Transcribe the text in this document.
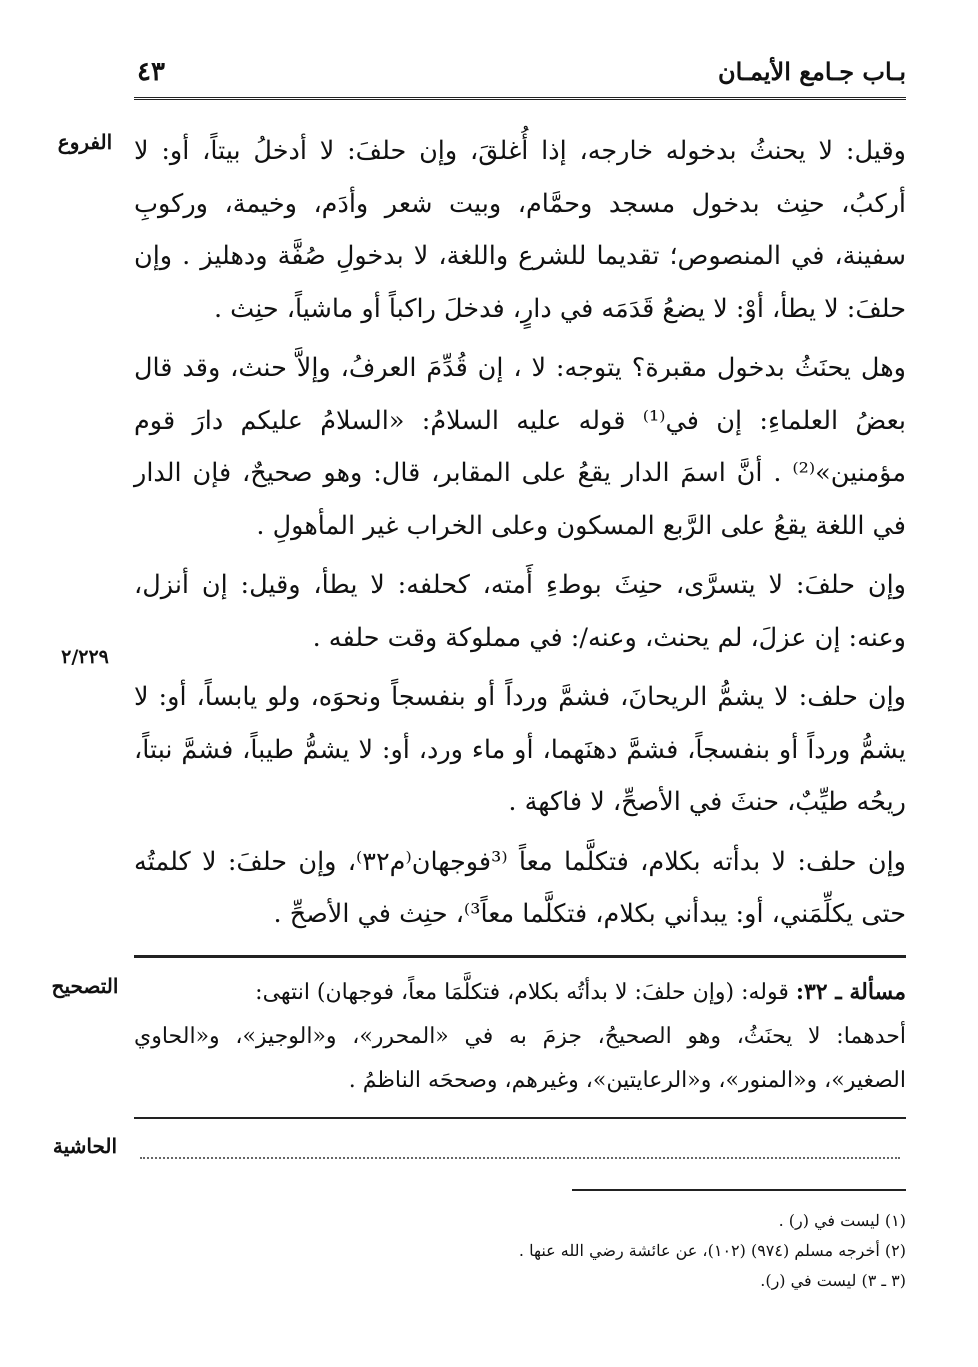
بـاب جـامع الأيمـان
٤٣
الفروع
٢/٢٢٩
التصحيح
الحاشية

وقيل: لا يحنثُ بدخوله خارجه، إذا أُغلقَ، وإن حلفَ: لا أدخلُ بيتاً، أو: لا أركبُ، حنِث بدخول مسجد وحمَّام، وبيت شعر وأدَم، وخيمة، وركوبِ سفينة، في المنصوص؛ تقديما للشرع واللغة، لا بدخولِ صُفَّة ودهليز . وإن حلفَ: لا يطأ، أوْ: لا يضعُ قَدَمَه في دارٍ، فدخلَ راكباً أو ماشياً، حنِث .

وهل يحنَثُ بدخول مقبرة؟ يتوجه: لا ، إن قُدِّمَ العرفُ، وإلاَّ حنث، وقد قال بعضُ العلماءِ: إن في⁽¹⁾ قوله عليه السلامُ: «السلامُ عليكم دارَ قوم مؤمنين»⁽²⁾ . أنَّ اسمَ الدار يقعُ على المقابر، قال: وهو صحيحٌ، فإن الدار في اللغة يقعُ على الرَّبع المسكون وعلى الخراب غير المأهولِ .

وإن حلفَ: لا يتسرَّى، حنِثَ بوطءِ أَمته، كحلفه: لا يطأ، وقيل: إن أنزل، وعنه: إن عزلَ، لم يحنث، وعنه/: في مملوكة وقت حلفه .

وإن حلف: لا يشمُّ الريحانَ، فشمَّ ورداً أو بنفسجاً ونحوَه، ولو يابساً، أو: لا يشمُّ ورداً أو بنفسجاً، فشمَّ دهنَهما، أو ماء ورد، أو: لا يشمُّ طيباً، فشمَّ نبتاً، ريحُه طيِّبٌ، حنثَ في الأصحِّ، لا فاكهة .

وإن حلف: لا بدأته بكلام، فتكلَّما معاً ⁽³فوجهان⁽م٣٢⁾، وإن حلفَ: لا كلمتُه حتى يكلِّمَني، أو: يبدأني بكلام، فتكلَّما معاً³⁾، حنِث في الأصحِّ .

مسألة ـ ٣٢: قوله: (وإن حلفَ: لا بدأتُه بكلام، فتكلَّمَا معاً، فوجهان) انتهى:

أحدهما: لا يحنَثُ، وهو الصحيحُ، جزمَ به في «المحرر»، و«الوجيز»، و«الحاوي الصغير»، و«المنور»، و«الرعايتين»، وغيرهم، وصححَه الناظمُ .

(١) ليست في (ر) .

(٢) أخرجه مسلم (٩٧٤) (١٠٢)، عن عائشة رضي الله عنها .

(٣ ـ ٣) ليست في (ر).
